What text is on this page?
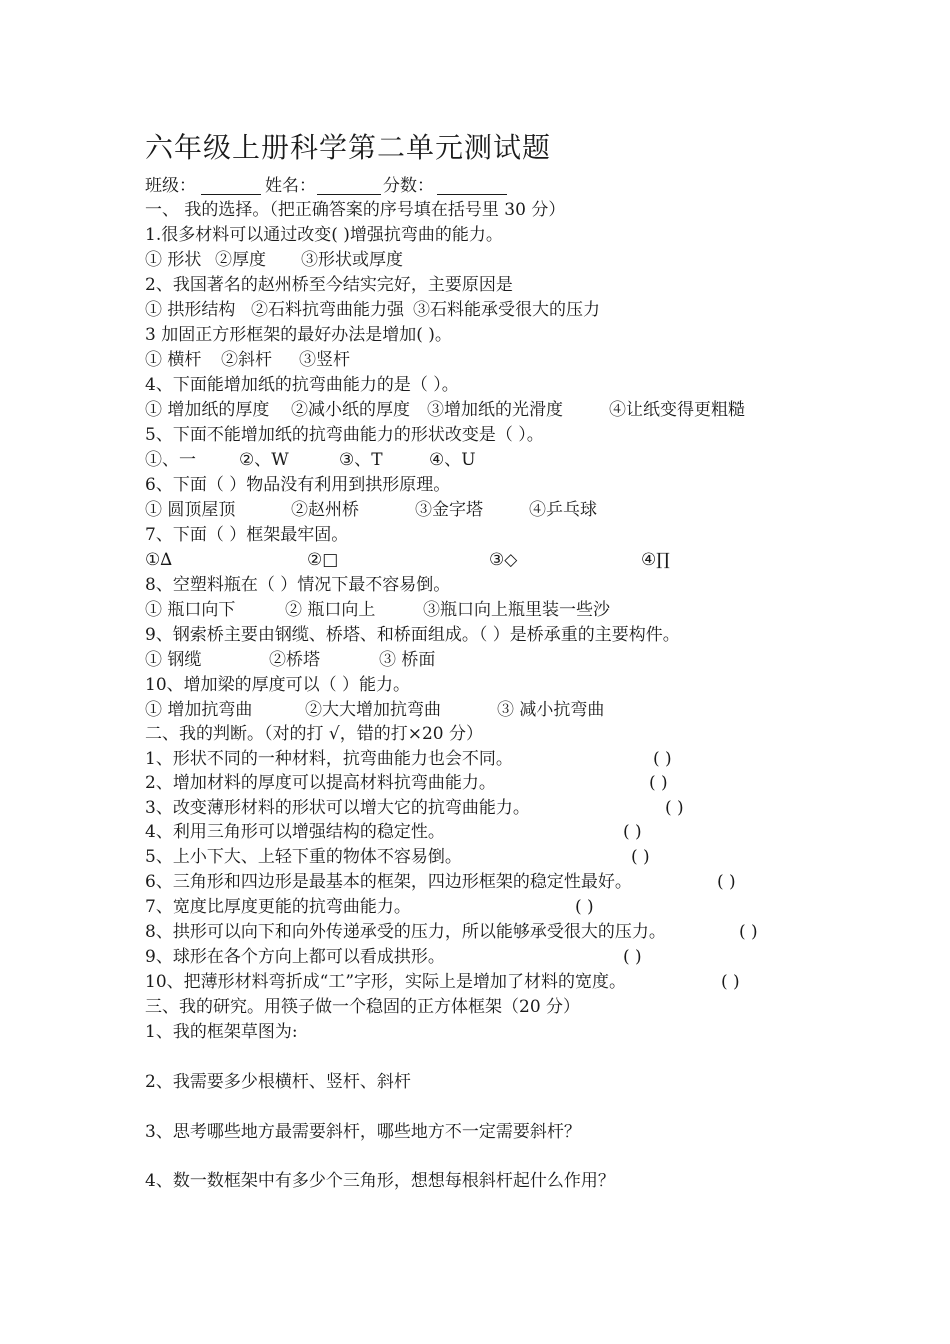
六年级上册科学第二单元测试题
班级：	姓名：	分数：
一、 我的选择。（把正确答案的序号填在括号里 30 分）
1.很多材料可以通过改变( )增强抗弯曲的能力。
① 形状 ②厚度 ③形状或厚度
2、我国著名的赵州桥至今结实完好，主要原因是
① 拱形结构 ②石料抗弯曲能力强 ③石料能承受很大的压力
3 加固正方形框架的最好办法是增加( )。
① 横杆 ②斜杆 ③竖杆
4、下面能增加纸的抗弯曲能力的是（ ）。
① 增加纸的厚度 ②减小纸的厚度 ③增加纸的光滑度	④让纸变得更粗糙
5、下面不能增加纸的抗弯曲能力的形状改变是（ ）。
①、一	②、W	③、T	④、U
6、下面（ ）物品没有利用到拱形原理。
① 圆顶屋顶	②赵州桥	③金字塔	④乒乓球
7、下面（ ）框架最牢固。
①∆	②□	③◇	④∏
8、空塑料瓶在（ ）情况下最不容易倒。
① 瓶口向下	② 瓶口向上	③瓶口向上瓶里装一些沙
9、钢索桥主要由钢缆、桥塔、和桥面组成。（ ）是桥承重的主要构件。
① 钢缆	②桥塔	③ 桥面
10、增加梁的厚度可以（ ）能力。
① 增加抗弯曲	②大大增加抗弯曲	③ 减小抗弯曲
二、我的判断。（对的打 √，错的打×20 分）
1、形状不同的一种材料，抗弯曲能力也会不同。	( )
2、增加材料的厚度可以提高材料抗弯曲能力。	( )
3、改变薄形材料的形状可以增大它的抗弯曲能力。	( )
4、利用三角形可以增强结构的稳定性。	( )
5、上小下大、上轻下重的物体不容易倒。	( )
6、三角形和四边形是最基本的框架，四边形框架的稳定性最好。	( )
7、宽度比厚度更能的抗弯曲能力。	( )
8、拱形可以向下和向外传递承受的压力，所以能够承受很大的压力。	( )
9、球形在各个方向上都可以看成拱形。	( )
10、把薄形材料弯折成“工”字形，实际上是增加了材料的宽度。	( )
三、我的研究。用筷子做一个稳固的正方体框架（20 分）
1、我的框架草图为:
2、我需要多少根横杆、竖杆、斜杆
3、思考哪些地方最需要斜杆，哪些地方不一定需要斜杆？
4、数一数框架中有多少个三角形，想想每根斜杆起什么作用？
